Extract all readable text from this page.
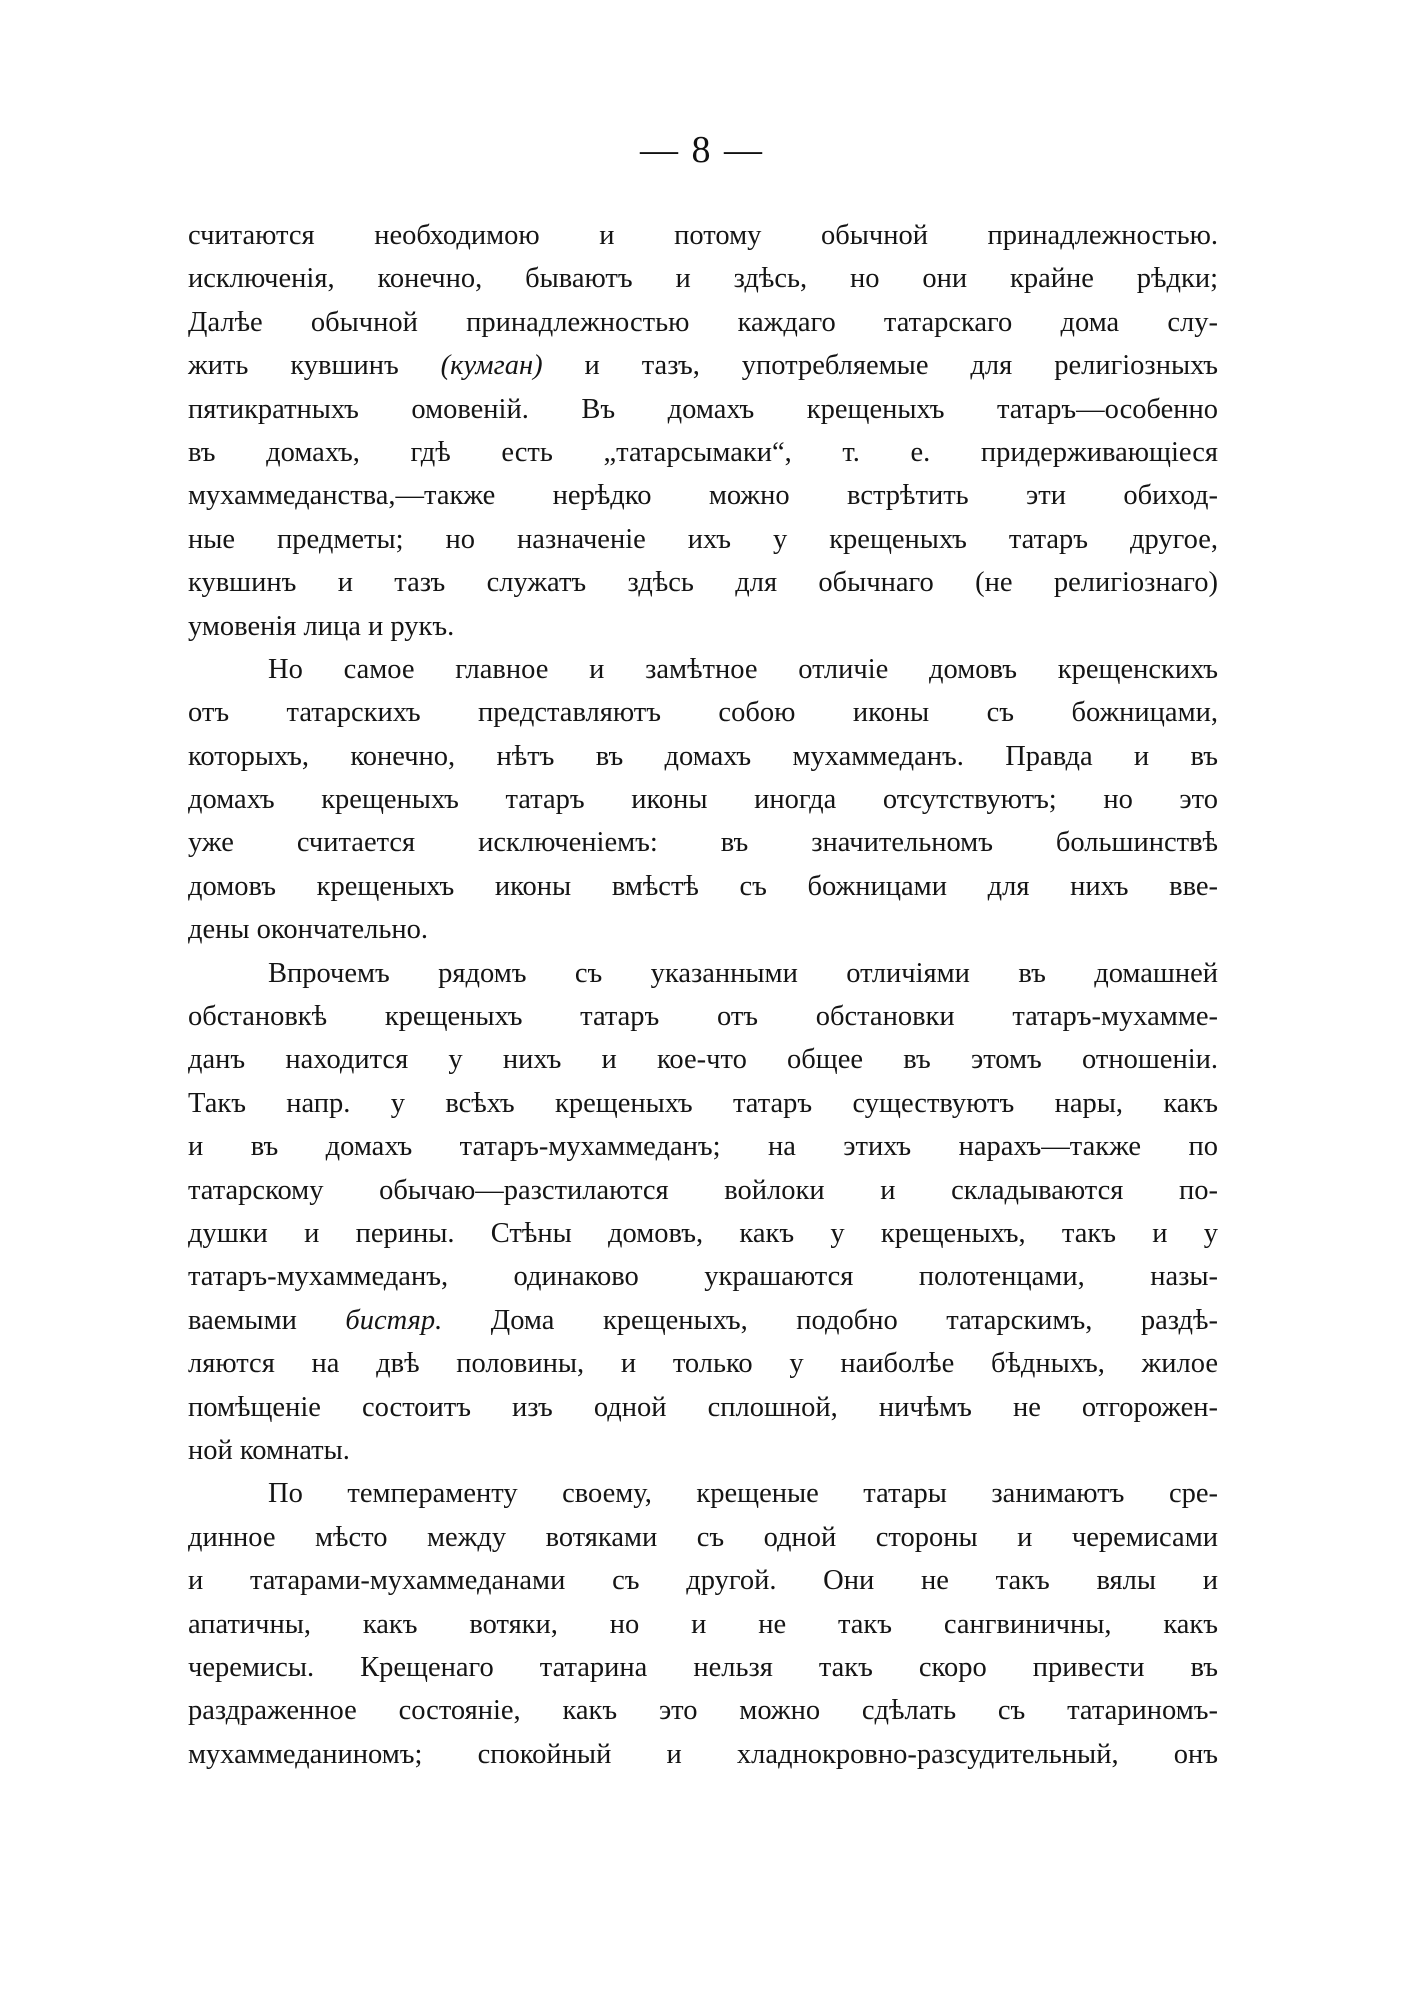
— 8 —
считаются необходимою и потому обычной принадлежностью.
исключенія, конечно, бываютъ и здѣсь, но они крайне рѣдки;
Далѣе обычной принадлежностью каждаго татарскаго дома слу-
жить кувшинъ (кумган) и тазъ, употребляемые для религіозныхъ
пятикратныхъ омовеній. Въ домахъ крещеныхъ татаръ—особенно
въ домахъ, гдѣ есть „татарсымаки“, т. е. придерживающіеся
мухаммеданства,—также нерѣдко можно встрѣтить эти обиход-
ные предметы; но назначеніе ихъ у крещеныхъ татаръ другое,
кувшинъ и тазъ служатъ здѣсь для обычнаго (не религіознаго)
умовенія лица и рукъ.
Но самое главное и замѣтное отличіе домовъ крещенскихъ
отъ татарскихъ представляютъ собою иконы съ божницами,
которыхъ, конечно, нѣтъ въ домахъ мухаммеданъ. Правда и въ
домахъ крещеныхъ татаръ иконы иногда отсутствуютъ; но это
уже считается исключеніемъ: въ значительномъ большинствѣ
домовъ крещеныхъ иконы вмѣстѣ съ божницами для нихъ вве-
дены окончательно.
Впрочемъ рядомъ съ указанными отличіями въ домашней
обстановкѣ крещеныхъ татаръ отъ обстановки татаръ-мухамме-
данъ находится у нихъ и кое-что общее въ этомъ отношеніи.
Такъ напр. у всѣхъ крещеныхъ татаръ существуютъ нары, какъ
и въ домахъ татаръ-мухаммеданъ; на этихъ нарахъ—также по
татарскому обычаю—разстилаются войлоки и складываются по-
душки и перины. Стѣны домовъ, какъ у крещеныхъ, такъ и у
татаръ-мухаммеданъ, одинаково украшаются полотенцами, назы-
ваемыми бистяр. Дома крещеныхъ, подобно татарскимъ, раздѣ-
ляются на двѣ половины, и только у наиболѣе бѣдныхъ, жилое
помѣщеніе состоитъ изъ одной сплошной, ничѣмъ не отгорожен-
ной комнаты.
По темпераменту своему, крещеные татары занимаютъ сре-
динное мѣсто между вотяками съ одной стороны и черемисами
и татарами-мухаммеданами съ другой. Они не такъ вялы и
апатичны, какъ вотяки, но и не такъ сангвиничны, какъ
черемисы. Крещенаго татарина нельзя такъ скоро привести въ
раздраженное состояніе, какъ это можно сдѣлать съ татариномъ-
мухаммеданиномъ; спокойный и хладнокровно-разсудительный, онъ
